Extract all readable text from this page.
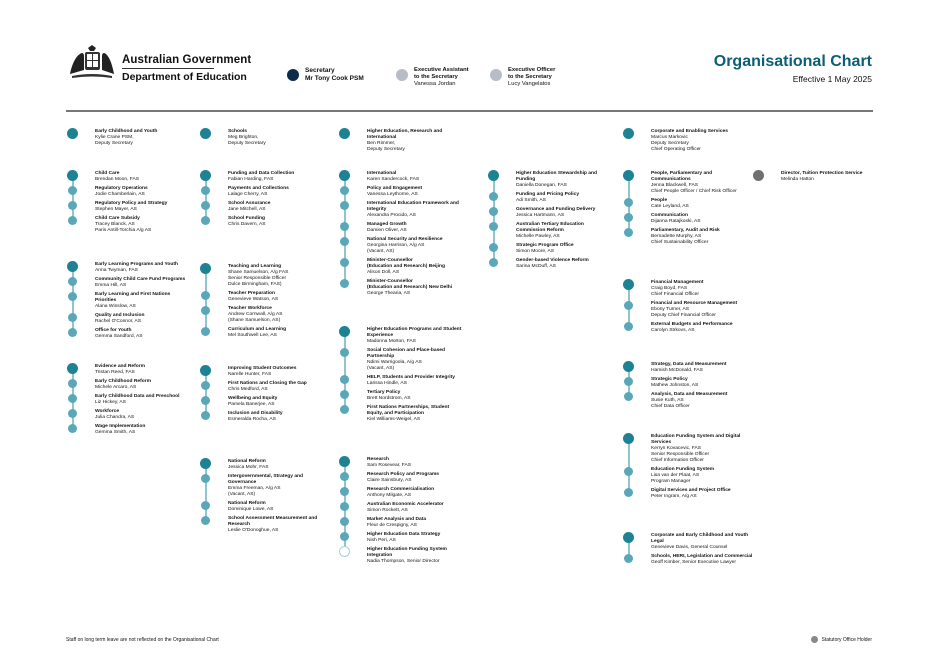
Australian Government
Department of Education
Secretary
Mr Tony Cook PSM
Executive Assistant
to the Secretary
Vanessa Jordan
Executive Officer
to the Secretary
Lucy Vangelatos
Organisational Chart
Effective 1 May 2025
Early Childhood and Youth
Kylie Crane PSM,
Deputy Secretary
Child Care
Brendan Moon, FAS
Regulatory Operations
Jodie Chamberlain, AS
Regulatory Policy and Strategy
Stephen Mayer, AS
Child Care Subsidy
Tracey Blanck, AS
Paris Antill-Torchia A/g AS
Early Learning Programs and Youth
Anna Twyman, FAS
Community Child Care Fund Programs
Emma Hill, AS
Early Learning and First Nations
Priorities
Alana Winslow, AS
Quality and Inclusion
Rachel O'Connor, AS
Office for Youth
Gemma Sandford, AS
Evidence and Reform
Tristan Reed, FAS
Early Childhood Reform
Michele Arcaro, AS
Early Childhood Data and Preschool
Liz Hickey, AS
Workforce
Julia Chandra, AS
Wage Implementation
Gemma Smith, AS
Schools
Meg Brighton,
Deputy Secretary
Funding and Data Collection
Fabian Harding, FAS
Payments and Collections
Lalage Cherry, AS
School Assurance
Jane Mitchell, AS
School Funding
Chris Davern, AS
Teaching and Learning
Shane Samuelson, A/g FAS
Senior Responsible Officer
Dulce Birmingham, FAS)
Teacher Preparation
Genevieve Watson, AS
Teacher Workforce
Andrew Cornwall, A/g AS
(Shane Samuelson, AS)
Curriculum and Learning
Mel Southwell Lee, AS
Improving Student Outcomes
Narelle Hunter, FAS
First Nations and Closing the Gap
Chris Medford, AS
Wellbeing and Equity
Pamela Banerjee, AS
Inclusion and Disability
Esmeralda Rocha, AS
National Reform
Jessica Mohr, FAS
Intergovernmental, Strategy and
Governance
Emma Freeman, A/g AS
(Vacant, AS)
National Reform
Dominique Lowe, AS
School Assessment Measurement and
Research
Leslie O'Donoghue, AS
Higher Education, Research and
International
Ben Rimmer,
Deputy Secretary
International
Karen Sandercock, FAS
Policy and Engagement
Vanessa Leythorne, AS
International Education Framework and
Integrity
Alexandra Procido, AS
Managed Growth
Damien Oliver, AS
National Security and Resilience
Georgina Harrison, A/g AS
(Vacant, AS)
Minister-Counsellor
(Education and Research) Beijing
Alison Doll, AS
Minister-Counsellor
(Education and Research) New Delhi
George Thearia, AS
Higher Education Programs and Student
Experience
Madonna Morton, FAS
Social Cohesion and Place-based
Partnership
Ndimi Warrigoola, A/g AS
(Vacant, AS)
HELP, Students and Provider Integrity
Larissa Hindle, AS
Tertiary Policy
Brett Nordstrom, AS
First Nations Partnerships, Student
Equity, and Participation
Kiel Williams-Weigel, AS
Research
Sam Rosevear, FAS
Research Policy and Programs
Claire Sainsbury, AS
Research Commercialisation
Anthony Milgate, AS
Australian Economic Accelerator
Simon Rockett, AS
Market Analysis and Data
Fleur de Crespigny, AS
Higher Education Data Strategy
Nish Peri, AS
Higher Education Funding System
Integration
Nadia Thompson, Senior Director
Higher Education Stewardship and
Funding
Daniella Donegan, FAS
Funding and Pricing Policy
Adi Smith, AS
Governance and Funding Delivery
Jessica Hartmann, AS
Australian Tertiary Education
Commission Reform
Michelle Pawley, AS
Strategic Program Office
Simon Moore, AS
Gender-based Violence Reform
Sarina McDuff, AS
Corporate and Enabling Services
Marcus Markovic
Deputy Secretary
Chief Operating Officer
People, Parliamentary and
Communications
Jenna Blackwell, FAS
Chief People Officer / Chief Risk Officer
People
Cate Leyland, AS
Communication
Dijanna Ratajkoski, AS
Parliamentary, Audit and Risk
Bernadette Murphy, AS
Chief Sustainability Officer
Financial Management
Craig Boyd, FAS
Chief Financial Officer
Financial and Resource Management
Ebony Turner, AS
Deputy Chief Financial Officer
External Budgets and Performance
Carolyn Strkovs, AS
Strategy, Data and Measurement
Hamish McDonald, FAS
Strategic Policy
Mathew Johnston, AS
Analysis, Data and Measurement
Susie Kuth, AS
Chief Data Officer
Education Funding System and Digital
Services
Kerryn Kovacevic, FAS
Senior Responsible Officer
Chief Information Officer
Education Funding System
Lisa van der Plaat, AS
Program Manager
Digital Services and Project Office
Peter Ingram, A/g AS
Corporate and Early Childhood and Youth
Legal
Genevieve Davis, General Counsel
Schools, HERI, Legislation and Commercial
Geoff Kimber, Senior Executive Lawyer
Director, Tuition Protection Service
Melinda Hatton
Staff on long term leave are not reflected on the Organisational Chart	Statutory Office Holder
